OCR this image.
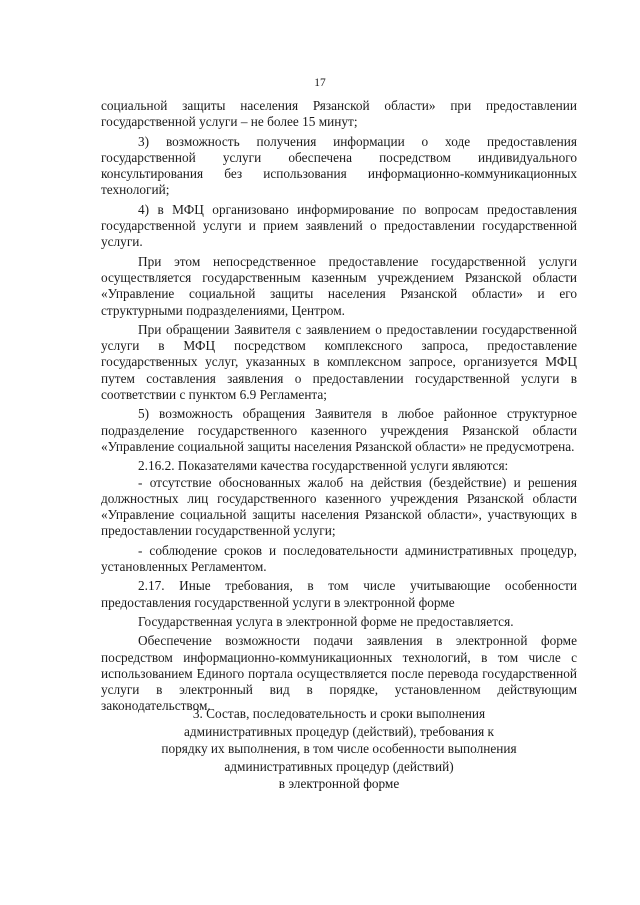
17

социальной защиты населения Рязанской области» при предоставлении государственной услуги – не более 15 минут;

3) возможность получения информации о ходе предоставления государственной услуги обеспечена посредством индивидуального консультирования без использования информационно-коммуникационных технологий;

4) в МФЦ организовано информирование по вопросам предоставления государственной услуги и прием заявлений о предоставлении государственной услуги.

При этом непосредственное предоставление государственной услуги осуществляется государственным казенным учреждением Рязанской области «Управление социальной защиты населения Рязанской области» и его структурными подразделениями, Центром.

При обращении Заявителя с заявлением о предоставлении государственной услуги в МФЦ посредством комплексного запроса, предоставление государственных услуг, указанных в комплексном запросе, организуется МФЦ путем составления заявления о предоставлении государственной услуги в соответствии с пунктом 6.9 Регламента;

5) возможность обращения Заявителя в любое районное структурное подразделение государственного казенного учреждения Рязанской области «Управление социальной защиты населения Рязанской области» не предусмотрена.

2.16.2. Показателями качества государственной услуги являются:

- отсутствие обоснованных жалоб на действия (бездействие) и решения должностных лиц государственного казенного учреждения Рязанской области «Управление социальной защиты населения Рязанской области», участвующих в предоставлении государственной услуги;

- соблюдение сроков и последовательности административных процедур, установленных Регламентом.

2.17. Иные требования, в том числе учитывающие особенности предоставления государственной услуги в электронной форме

Государственная услуга в электронной форме не предоставляется.

Обеспечение возможности подачи заявления в электронной форме посредством информационно-коммуникационных технологий, в том числе с использованием Единого портала осуществляется после перевода государственной услуги в электронный вид в порядке, установленном действующим законодательством.

3. Состав, последовательность и сроки выполнения
административных процедур (действий), требования к
порядку их выполнения, в том числе особенности выполнения
административных процедур (действий)
в электронной форме
